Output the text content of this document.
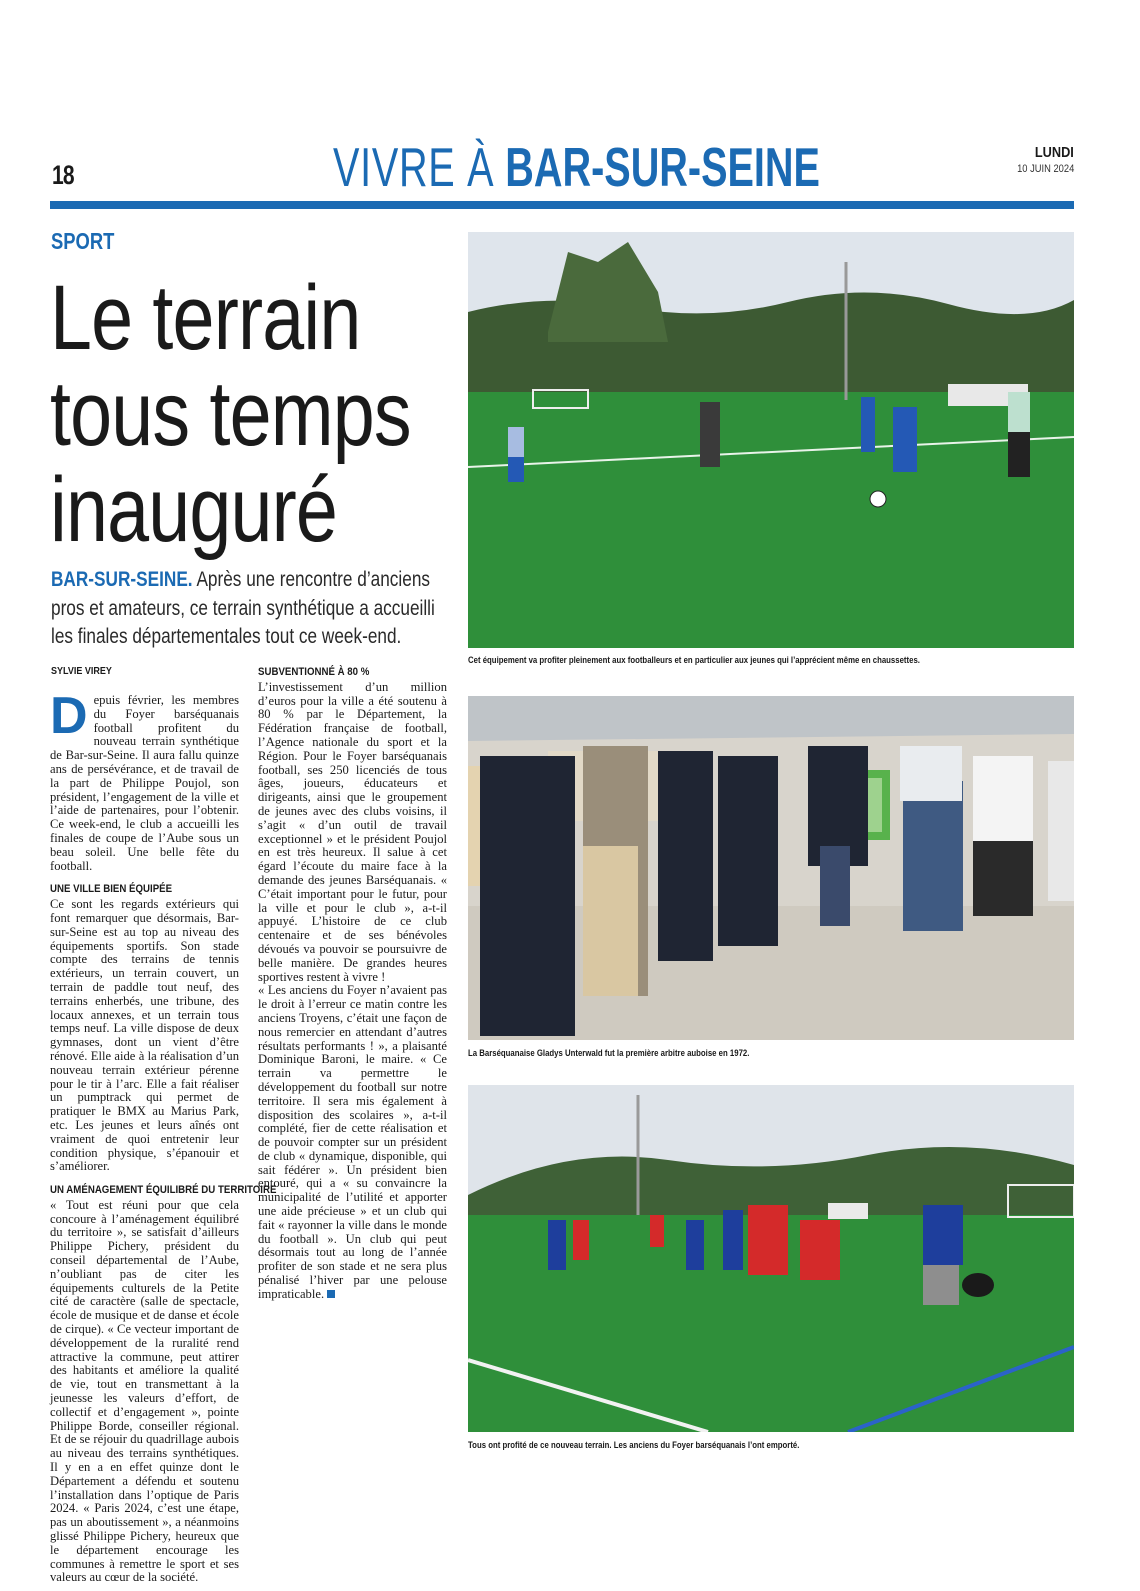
18	VIVRE À BAR-SUR-SEINE	LUNDI
10 JUIN 2024
SPORT
Le terrain
tous temps
inauguré
BAR-SUR-SEINE. Après une rencontre d’anciens pros et amateurs, ce terrain synthétique a accueilli les finales départementales tout ce week-end.
SYLVIE VIREY

Depuis février, les membres du Foyer barséquanais football profitent du nouveau terrain synthétique de Bar-sur-Seine. Il aura fallu quinze ans de persévérance, et de travail de la part de Philippe Poujol, son président, l’engagement de la ville et l’aide de partenaires, pour l’obtenir. Ce week-end, le club a accueilli les finales de coupe de l’Aube sous un beau soleil. Une belle fête du football.

UNE VILLE BIEN ÉQUIPÉE

Ce sont les regards extérieurs qui font remarquer que désormais, Bar-sur-Seine est au top au niveau des équipements sportifs. Son stade compte des terrains de tennis extérieurs, un terrain couvert, un terrain de paddle tout neuf, des terrains enherbés, une tribune, des locaux annexes, et un terrain tous temps neuf. La ville dispose de deux gymnases, dont un vient d’être rénové. Elle aide à la réalisation d’un nouveau terrain extérieur pérenne pour le tir à l’arc. Elle a fait réaliser un pumptrack qui permet de pratiquer le BMX au Marius Park, etc. Les jeunes et leurs aînés ont vraiment de quoi entretenir leur condition physique, s’épanouir et s’améliorer.

UN AMÉNAGEMENT ÉQUILIBRÉ DU TERRITOIRE

« Tout est réuni pour que cela concoure à l’aménagement équilibré du territoire », se satisfait d’ailleurs Philippe Pichery, président du conseil départemental de l’Aube, n’oubliant pas de citer les équipements culturels de la Petite cité de caractère (salle de spectacle, école de musique et de danse et école de cirque). « Ce vecteur important de développement de la ruralité rend attractive la commune, peut attirer des habitants et améliore la qualité de vie, tout en transmettant à la jeunesse les valeurs d’effort, de collectif et d’engagement », pointe Philippe Borde, conseiller régional. Et de se réjouir du quadrillage aubois au niveau des terrains synthétiques. Il y en a en effet quinze dont le Département a défendu et soutenu l’installation dans l’optique de Paris 2024. « Paris 2024, c’est une étape, pas un aboutissement », a néanmoins glissé Philippe Pichery, heureux que le département encourage les communes à remettre le sport et ses valeurs au cœur de la société.

SUBVENTIONNÉ À 80 %

L’investissement d’un million d’euros pour la ville a été soutenu à 80 % par le Département, la Fédération française de football, l’Agence nationale du sport et la Région. Pour le Foyer barséquanais football, ses 250 licenciés de tous âges, joueurs, éducateurs et dirigeants, ainsi que le groupement de jeunes avec des clubs voisins, il s’agit « d’un outil de travail exceptionnel » et le président Poujol en est très heureux. Il salue à cet égard l’écoute du maire face à la demande des jeunes Barséquanais. « C’était important pour le futur, pour la ville et pour le club », a-t-il appuyé. L’histoire de ce club centenaire et de ses bénévoles dévoués va pouvoir se poursuivre de belle manière. De grandes heures sportives restent à vivre !

« Les anciens du Foyer n’avaient pas le droit à l’erreur ce matin contre les anciens Troyens, c’était une façon de nous remercier en attendant d’autres résultats performants ! », a plaisanté Dominique Baroni, le maire. « Ce terrain va permettre le développement du football sur notre territoire. Il sera mis également à disposition des scolaires », a-t-il complété, fier de cette réalisation et de pouvoir compter sur un président de club « dynamique, disponible, qui sait fédérer ». Un président bien entouré, qui a « su convaincre la municipalité de l’utilité et apporter une aide précieuse » et un club qui fait « rayonner la ville dans le monde du football ». Un club qui peut désormais tout au long de l’année profiter de son stade et ne sera plus pénalisé l’hiver par une pelouse impraticable.

Cet équipement va profiter pleinement aux footballeurs et en particulier aux jeunes qui l’apprécient même en chaussettes.
La Barséquanaise Gladys Unterwald fut la première arbitre auboise en 1972.
Tous ont profité de ce nouveau terrain. Les anciens du Foyer barséquanais l’ont emporté.
